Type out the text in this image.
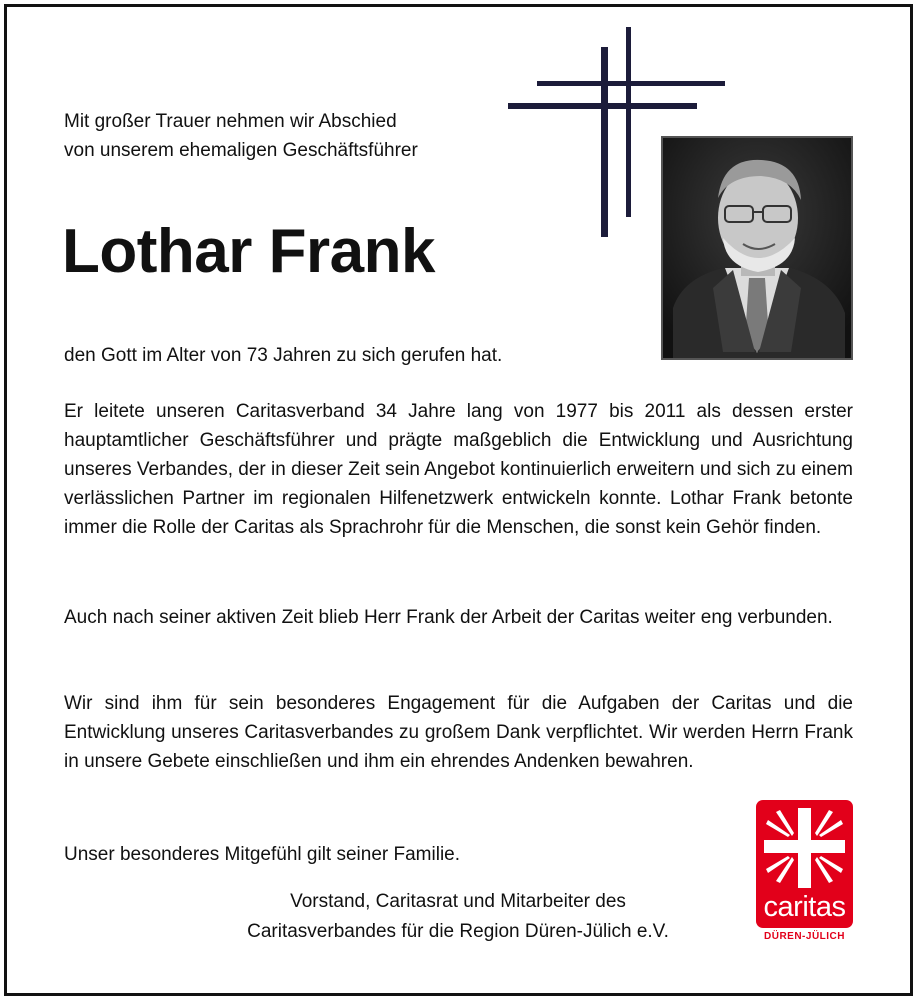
Mit großer Trauer nehmen wir Abschied
von unserem ehemaligen Geschäftsführer
Lothar Frank
den Gott im Alter von 73 Jahren zu sich gerufen hat.
Er leitete unseren Caritasverband 34 Jahre lang von 1977 bis 2011 als dessen erster hauptamtlicher Geschäftsführer und prägte maßgeblich die Entwicklung und Ausrichtung unseres Verbandes, der in dieser Zeit sein Angebot kontinuierlich erweitern und sich zu einem verlässlichen Partner im regionalen Hilfenetzwerk entwickeln konnte. Lothar Frank betonte immer die Rolle der Caritas als Sprachrohr für die Menschen, die sonst kein Gehör finden.
Auch nach seiner aktiven Zeit blieb Herr Frank der Arbeit der Caritas weiter eng verbunden.
Wir sind ihm für sein besonderes Engagement für die Aufgaben der Caritas und die Entwicklung unseres Caritasverbandes zu großem Dank verpflichtet. Wir werden Herrn Frank in unsere Gebete einschließen und ihm ein ehrendes Andenken bewahren.
Unser besonderes Mitgefühl gilt seiner Familie.
Vorstand, Caritasrat und Mitarbeiter des
Caritasverbandes für die Region Düren-Jülich e.V.
caritas
DÜREN-JÜLICH
